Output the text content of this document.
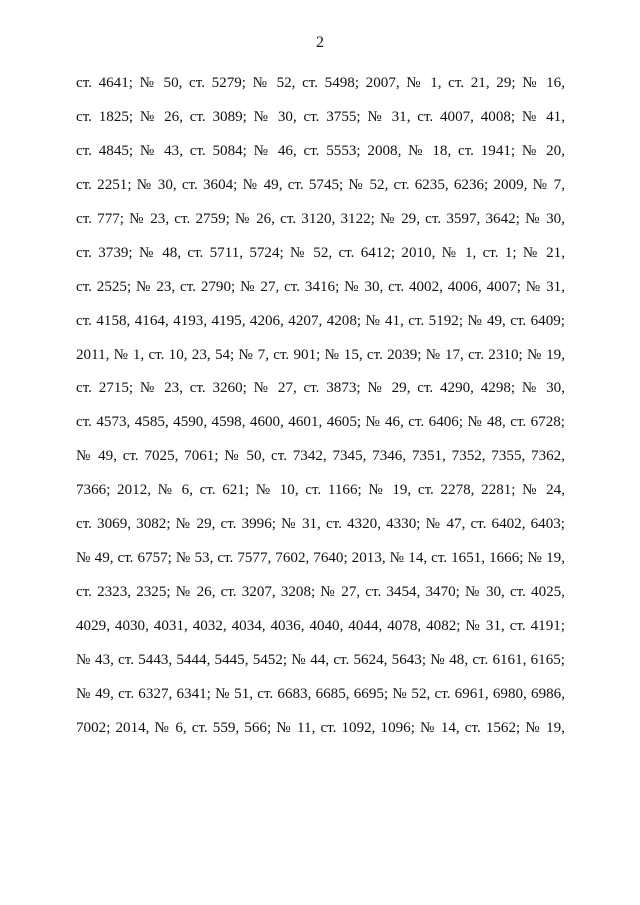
2
ст. 4641; № 50, ст. 5279; № 52, ст. 5498; 2007, № 1, ст. 21, 29; № 16,
ст. 1825; № 26, ст. 3089; № 30, ст. 3755; № 31, ст. 4007, 4008; № 41,
ст. 4845; № 43, ст. 5084; № 46, ст. 5553; 2008, № 18, ст. 1941; № 20,
ст. 2251; № 30, ст. 3604; № 49, ст. 5745; № 52, ст. 6235, 6236; 2009, № 7,
ст. 777; № 23, ст. 2759; № 26, ст. 3120, 3122; № 29, ст. 3597, 3642; № 30,
ст. 3739; № 48, ст. 5711, 5724; № 52, ст. 6412; 2010, № 1, ст. 1; № 21,
ст. 2525; № 23, ст. 2790; № 27, ст. 3416; № 30, ст. 4002, 4006, 4007; № 31,
ст. 4158, 4164, 4193, 4195, 4206, 4207, 4208; № 41, ст. 5192; № 49, ст. 6409;
2011, № 1, ст. 10, 23, 54; № 7, ст. 901; № 15, ст. 2039; № 17, ст. 2310; № 19,
ст. 2715; № 23, ст. 3260; № 27, ст. 3873; № 29, ст. 4290, 4298; № 30,
ст. 4573, 4585, 4590, 4598, 4600, 4601, 4605; № 46, ст. 6406; № 48, ст. 6728;
№ 49, ст. 7025, 7061; № 50, ст. 7342, 7345, 7346, 7351, 7352, 7355, 7362,
7366; 2012, № 6, ст. 621; № 10, ст. 1166; № 19, ст. 2278, 2281; № 24,
ст. 3069, 3082; № 29, ст. 3996; № 31, ст. 4320, 4330; № 47, ст. 6402, 6403;
№ 49, ст. 6757; № 53, ст. 7577, 7602, 7640; 2013, № 14, ст. 1651, 1666; № 19,
ст. 2323, 2325; № 26, ст. 3207, 3208; № 27, ст. 3454, 3470; № 30, ст. 4025,
4029, 4030, 4031, 4032, 4034, 4036, 4040, 4044, 4078, 4082; № 31, ст. 4191;
№ 43, ст. 5443, 5444, 5445, 5452; № 44, ст. 5624, 5643; № 48, ст. 6161, 6165;
№ 49, ст. 6327, 6341; № 51, ст. 6683, 6685, 6695; № 52, ст. 6961, 6980, 6986,
7002; 2014, № 6, ст. 559, 566; № 11, ст. 1092, 1096; № 14, ст. 1562; № 19,
